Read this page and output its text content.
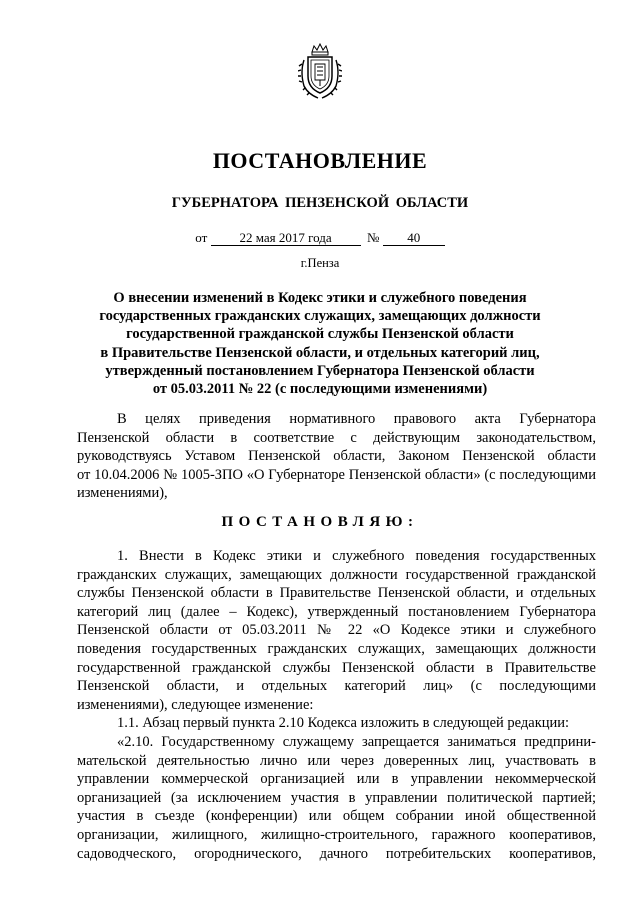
ПОСТАНОВЛЕНИЕ
ГУБЕРНАТОРА ПЕНЗЕНСКОЙ ОБЛАСТИ
от 22 мая 2017 года	№ 40
г.Пенза
О внесении изменений в Кодекс этики и служебного поведения
государственных гражданских служащих, замещающих должности
государственной гражданской службы Пензенской области
в Правительстве Пензенской области, и отдельных категорий лиц,
утвержденный постановлением Губернатора Пензенской области
от 05.03.2011 № 22 (с последующими изменениями)
В целях приведения нормативного правового акта Губернатора
Пензенской области в соответствие с действующим законодательством,
руководствуясь Уставом Пензенской области, Законом Пензенской области
от 10.04.2006 № 1005-ЗПО «О Губернаторе Пензенской области» (с последующими
изменениями),
ПОСТАНОВЛЯЮ:
1. Внести в Кодекс этики и служебного поведения государственных
гражданских служащих, замещающих должности государственной гражданской
службы Пензенской области в Правительстве Пензенской области, и отдельных
категорий лиц (далее – Кодекс), утвержденный постановлением Губернатора
Пензенской области от 05.03.2011 № 22 «О Кодексе этики и служебного
поведения государственных гражданских служащих, замещающих должности
государственной гражданской службы Пензенской области в Правительстве
Пензенской области, и отдельных категорий лиц» (с последующими
изменениями), следующее изменение:
1.1. Абзац первый пункта 2.10 Кодекса изложить в следующей редакции:
«2.10. Государственному служащему запрещается заниматься предприни-
мательской деятельностью лично или через доверенных лиц, участвовать в
управлении коммерческой организацией или в управлении некоммерческой
организацией (за исключением участия в управлении политической партией;
участия в съезде (конференции) или общем собрании иной общественной
организации, жилищного, жилищно-строительного, гаражного кооперативов,
садоводческого, огороднического, дачного потребительских кооперативов,
